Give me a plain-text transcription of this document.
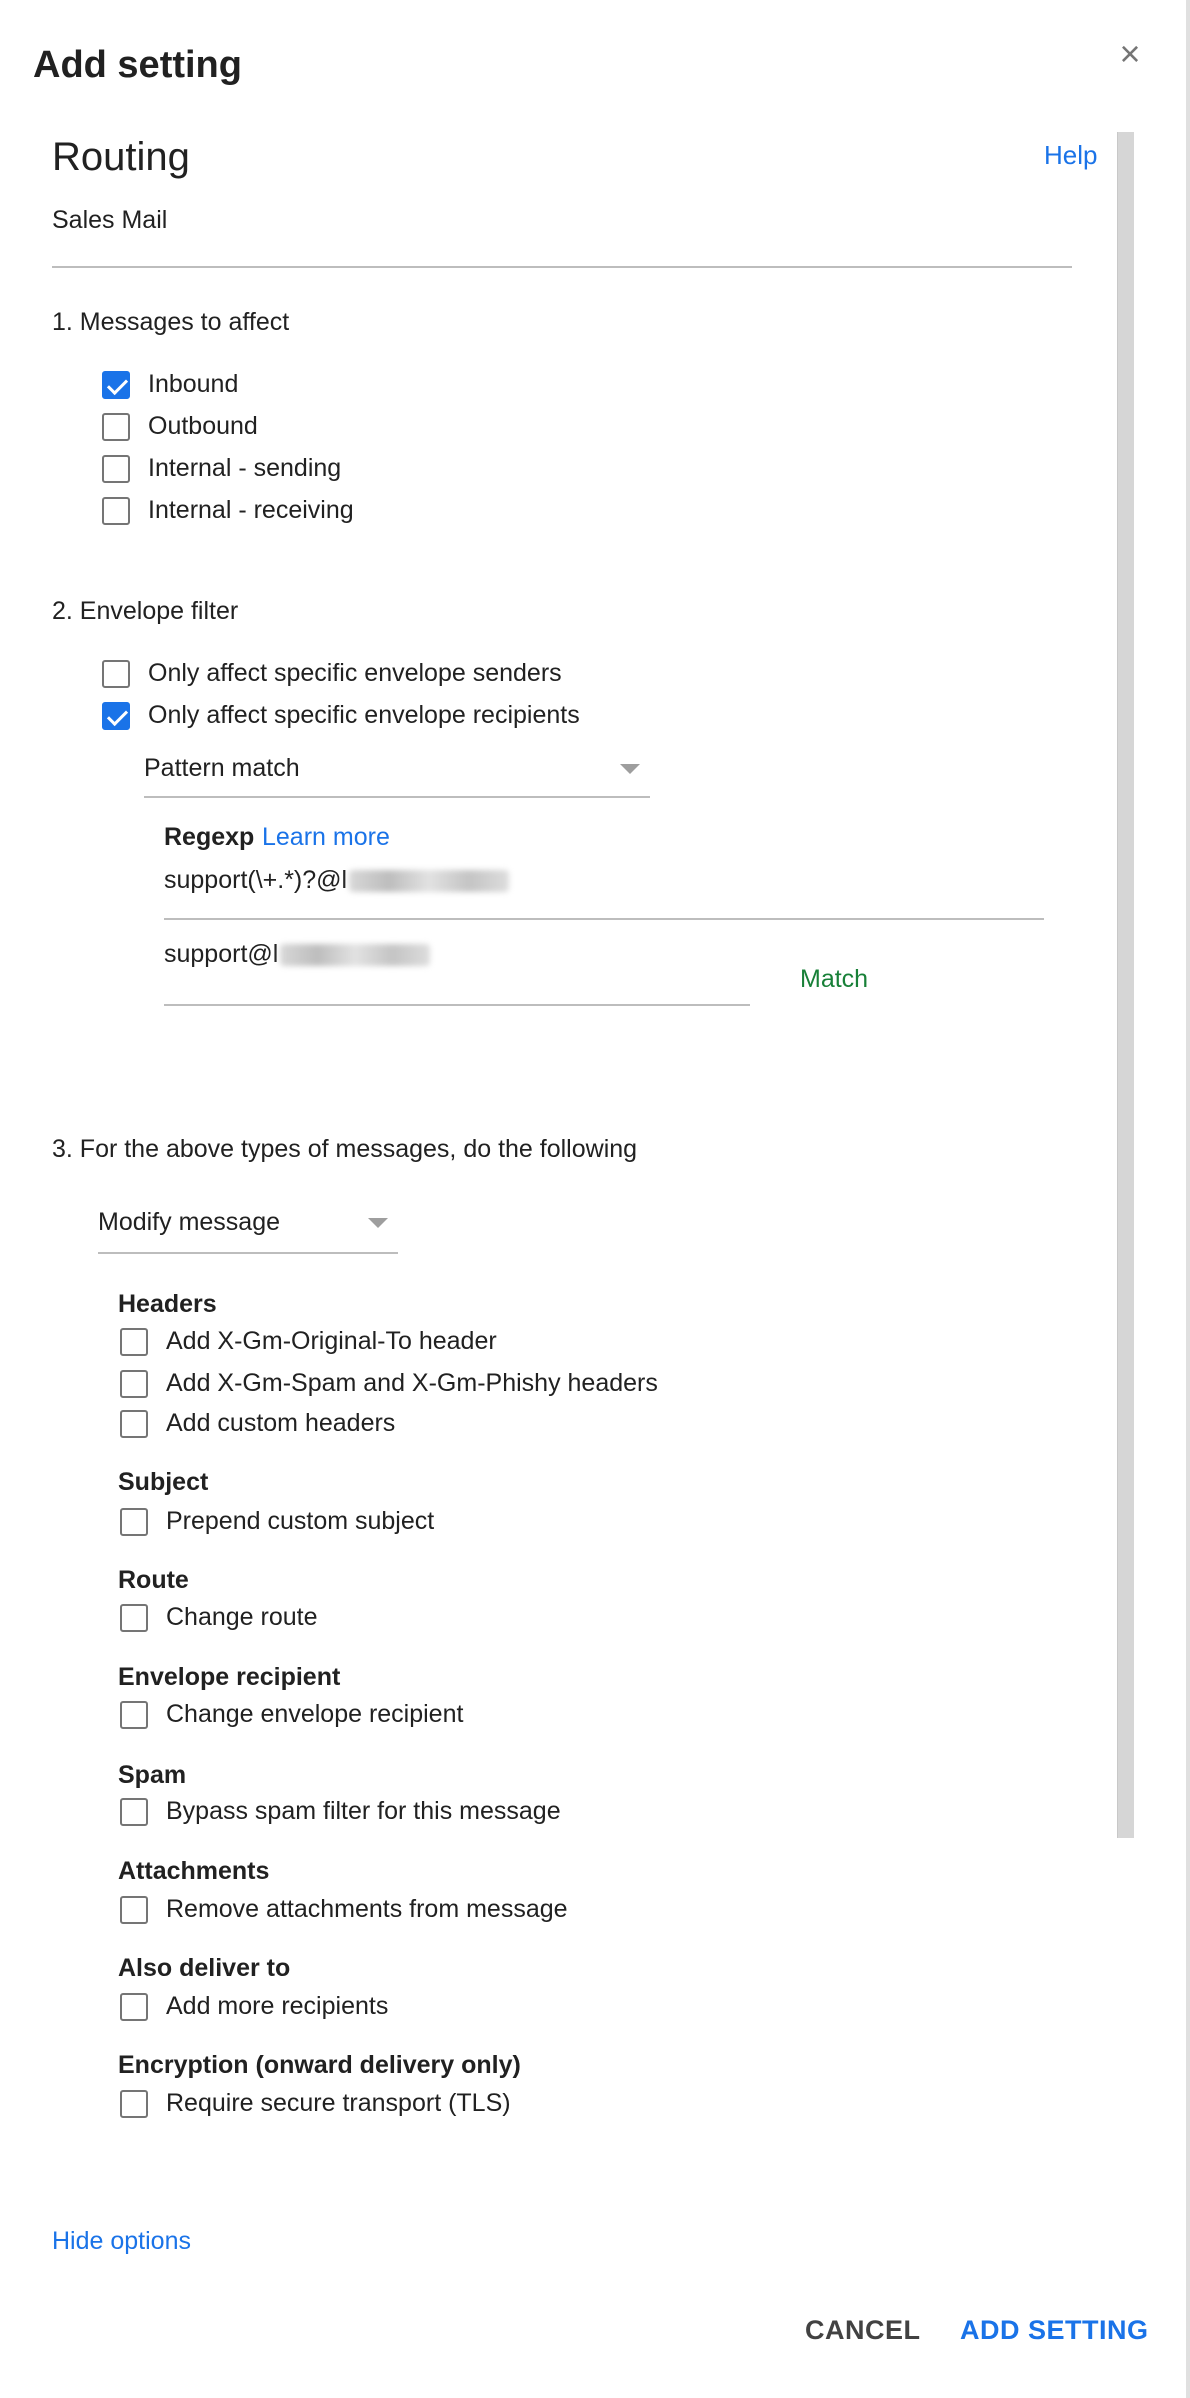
Add setting	×
Routing	Help
Sales Mail
1. Messages to affect
Inbound
Outbound
Internal - sending
Internal - receiving
2. Envelope filter
Only affect specific envelope senders
Only affect specific envelope recipients
Pattern match
Regexp Learn more
support(\+.*)?@l
support@l
Match
3. For the above types of messages, do the following
Modify message
Headers
Add X-Gm-Original-To header
Add X-Gm-Spam and X-Gm-Phishy headers
Add custom headers
Subject
Prepend custom subject
Route
Change route
Envelope recipient
Change envelope recipient
Spam
Bypass spam filter for this message
Attachments
Remove attachments from message
Also deliver to
Add more recipients
Encryption (onward delivery only)
Require secure transport (TLS)
Hide options
CANCEL ADD SETTING
